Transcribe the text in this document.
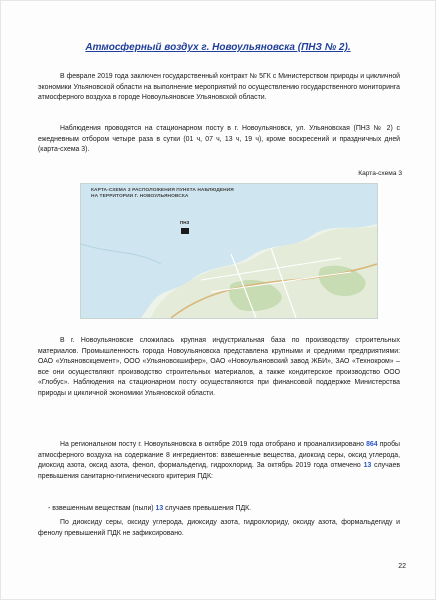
Атмосферный воздух г. Новоульяновска (ПНЗ № 2).
В феврале 2019 года заключен государственный контракт № 5ГК с Министерством природы и цикличной экономики Ульяновской области на выполнение мероприятий по осуществлению государственного мониторинга атмосферного воздуха в городе Новоульяновске Ульяновской области.
Наблюдения проводятся на стационарном посту в г. Новоульяновск, ул. Ульяновская (ПНЗ № 2) с ежедневным отбором четыре раза в сутки (01 ч, 07 ч, 13 ч, 19 ч), кроме воскресений и праздничных дней (карта-схема 3).
Карта-схема 3
КАРТА-СХЕМА 3 РАСПОЛОЖЕНИЯ ПУНКТА НАБЛЮДЕНИЯ
НА ТЕРРИТОРИИ Г. НОВОУЛЬЯНОВСКА
ПНЗ
В г. Новоульяновске сложилась крупная индустриальная база по производству строительных материалов. Промышленность города Новоульяновска представлена крупными и средними предприятиями: ОАО «Ульяновскцемент», ООО «Ульяновскшифер», ОАО «Новоульяновский завод ЖБИ», ЗАО «Технокром» – все они осуществляют производство строительных материалов, а также кондитерское производство ООО «Глобус». Наблюдения на стационарном посту осуществляются при финансовой поддержке Министерства природы и цикличной экономики Ульяновской области.
На региональном посту г. Новоульяновска в октябре 2019 года отобрано и проанализировано 864 пробы атмосферного воздуха на содержание 8 ингредиентов: взвешенные вещества, диоксид серы, оксид углерода, диоксид азота, оксид азота, фенол, формальдегид, гидрохлорид. За октябрь 2019 года отмечено 13 случаев превышения санитарно-гигиенического критерия ПДК:
- взвешенным веществам (пыли) 13 случаев превышения ПДК.
По диоксиду серы, оксиду углерода, диоксиду азота, гидрохлориду, оксиду азота, формальдегиду и фенолу превышений ПДК не зафиксировано.
22
